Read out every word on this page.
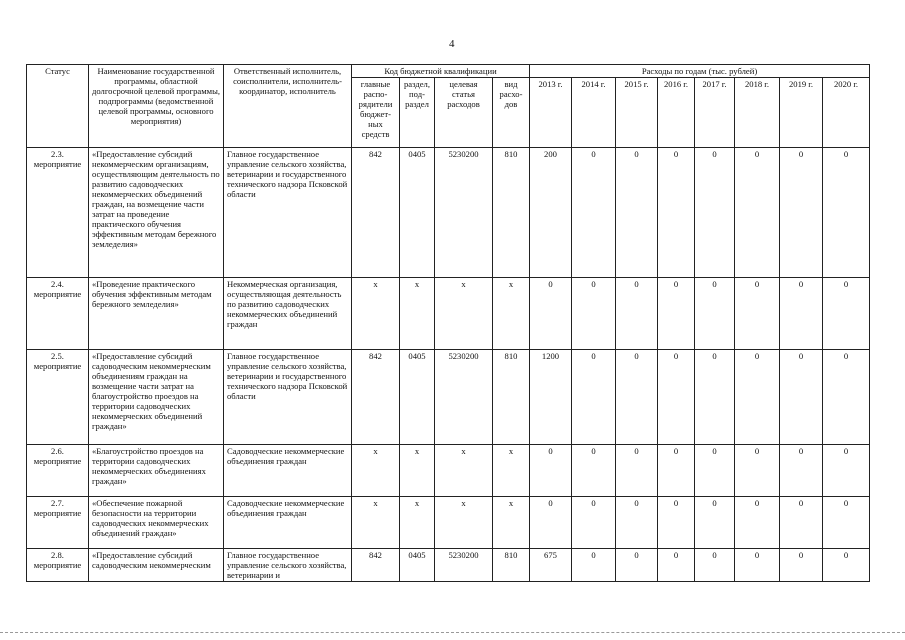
4
Статус	Наименование государственной программы, областной долгосрочной целевой программы, подпрограммы (ведомственной целевой программы, основного мероприятия)	Ответственный исполнитель, соисполнители, исполнитель-координатор, исполнитель	Код бюджетной квалификации				Расходы по годам (тыс. рублей)							
			главные распо-рядители бюджет-ных средств	раздел, под-раздел	целевая статья расходов	вид расхо-дов	2013 г.	2014 г.	2015 г.	2016 г.	2017 г.	2018 г.	2019 г.	2020 г.
2.3. мероприятие	«Предоставление субсидий некоммерческим организациям, осуществляющим деятельность по развитию садоводческих некоммерческих объединений граждан, на возмещение части затрат на проведение практического обучения эффективным методам бережного земледелия»	Главное государственное управление сельского хозяйства, ветеринарии и государственного технического надзора Псковской области	842	0405	5230200	810	200	0	0	0	0	0	0	0
2.4. мероприятие	«Проведение практического обучения эффективным методам бережного земледелия»	Некоммерческая организация, осуществляющая деятельность по развитию садоводческих некоммерческих объединений граждан	х	х	х	х	0	0	0	0	0	0	0	0
2.5. мероприятие	«Предоставление субсидий садоводческим некоммерческим объединениям граждан на возмещение части затрат на благоустройство проездов на территории садоводческих некоммерческих объединений граждан»	Главное государственное управление сельского хозяйства, ветеринарии и государственного технического надзора Псковской области	842	0405	5230200	810	1200	0	0	0	0	0	0	0
2.6. мероприятие	«Благоустройство проездов на территории садоводческих некоммерческих объединениях граждан»	Садоводческие некоммерческие объединения граждан	х	х	х	х	0	0	0	0	0	0	0	0
2.7. мероприятие	«Обеспечение пожарной безопасности на территории садоводческих некоммерческих объединений граждан»	Садоводческие некоммерческие объединения граждан	х	х	х	х	0	0	0	0	0	0	0	0
2.8. мероприятие	«Предоставление субсидий садоводческим некоммерческим	Главное государственное управление сельского хозяйства, ветеринарии и	842	0405	5230200	810	675	0	0	0	0	0	0	0
